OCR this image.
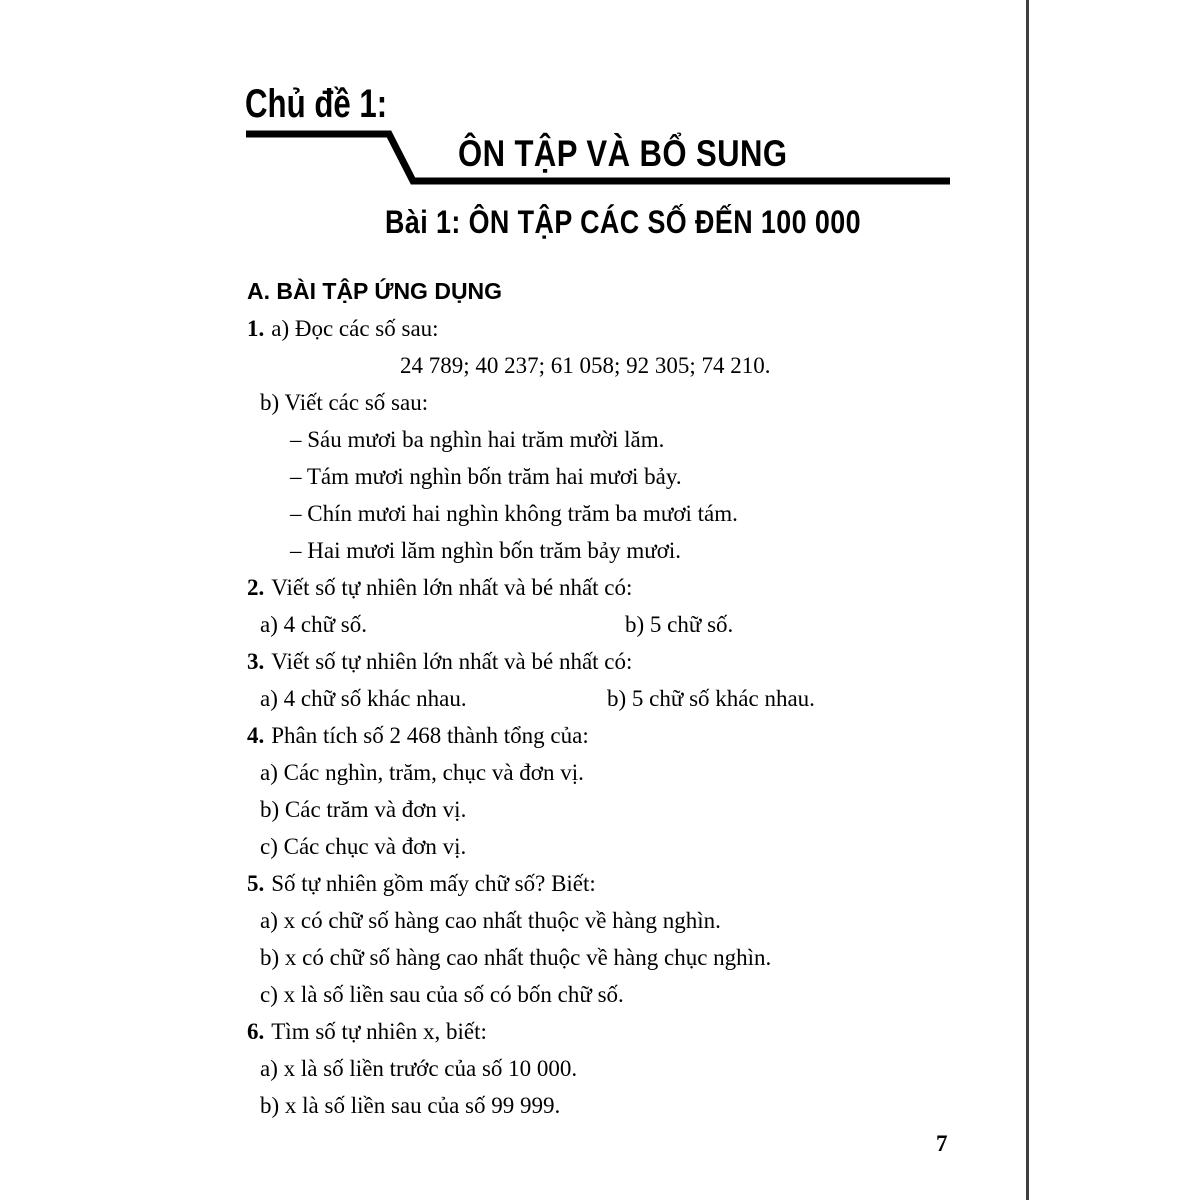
Chủ đề 1:
ÔN TẬP VÀ BỔ SUNG
Bài 1: ÔN TẬP CÁC SỐ ĐẾN 100 000
A. BÀI TẬP ỨNG DỤNG
1. a) Đọc các số sau:
24 789; 40 237; 61 058; 92 305; 74 210.
b) Viết các số sau:
– Sáu mươi ba nghìn hai trăm mười lăm.
– Tám mươi nghìn bốn trăm hai mươi bảy.
– Chín mươi hai nghìn không trăm ba mươi tám.
– Hai mươi lăm nghìn bốn trăm bảy mươi.
2. Viết số tự nhiên lớn nhất và bé nhất có:
a) 4 chữ số.	b) 5 chữ số.
3. Viết số tự nhiên lớn nhất và bé nhất có:
a) 4 chữ số khác nhau.	b) 5 chữ số khác nhau.
4. Phân tích số 2 468 thành tổng của:
a) Các nghìn, trăm, chục và đơn vị.
b) Các trăm và đơn vị.
c) Các chục và đơn vị.
5. Số tự nhiên gồm mấy chữ số? Biết:
a) x có chữ số hàng cao nhất thuộc về hàng nghìn.
b) x có chữ số hàng cao nhất thuộc về hàng chục nghìn.
c) x là số liền sau của số có bốn chữ số.
6. Tìm số tự nhiên x, biết:
a) x là số liền trước của số 10 000.
b) x là số liền sau của số 99 999.
7
